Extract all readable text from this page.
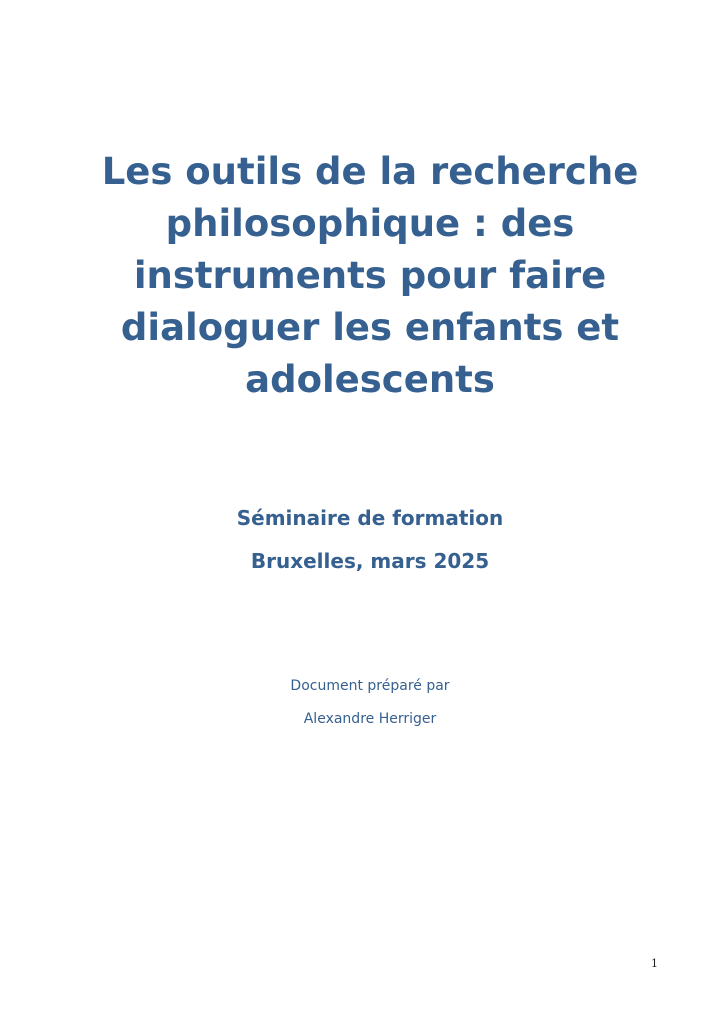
Les outils de la recherche
philosophique : des
instruments pour faire
dialoguer les enfants et
adolescents
Séminaire de formation
Bruxelles, mars 2025
Document préparé par
Alexandre Herriger
1
